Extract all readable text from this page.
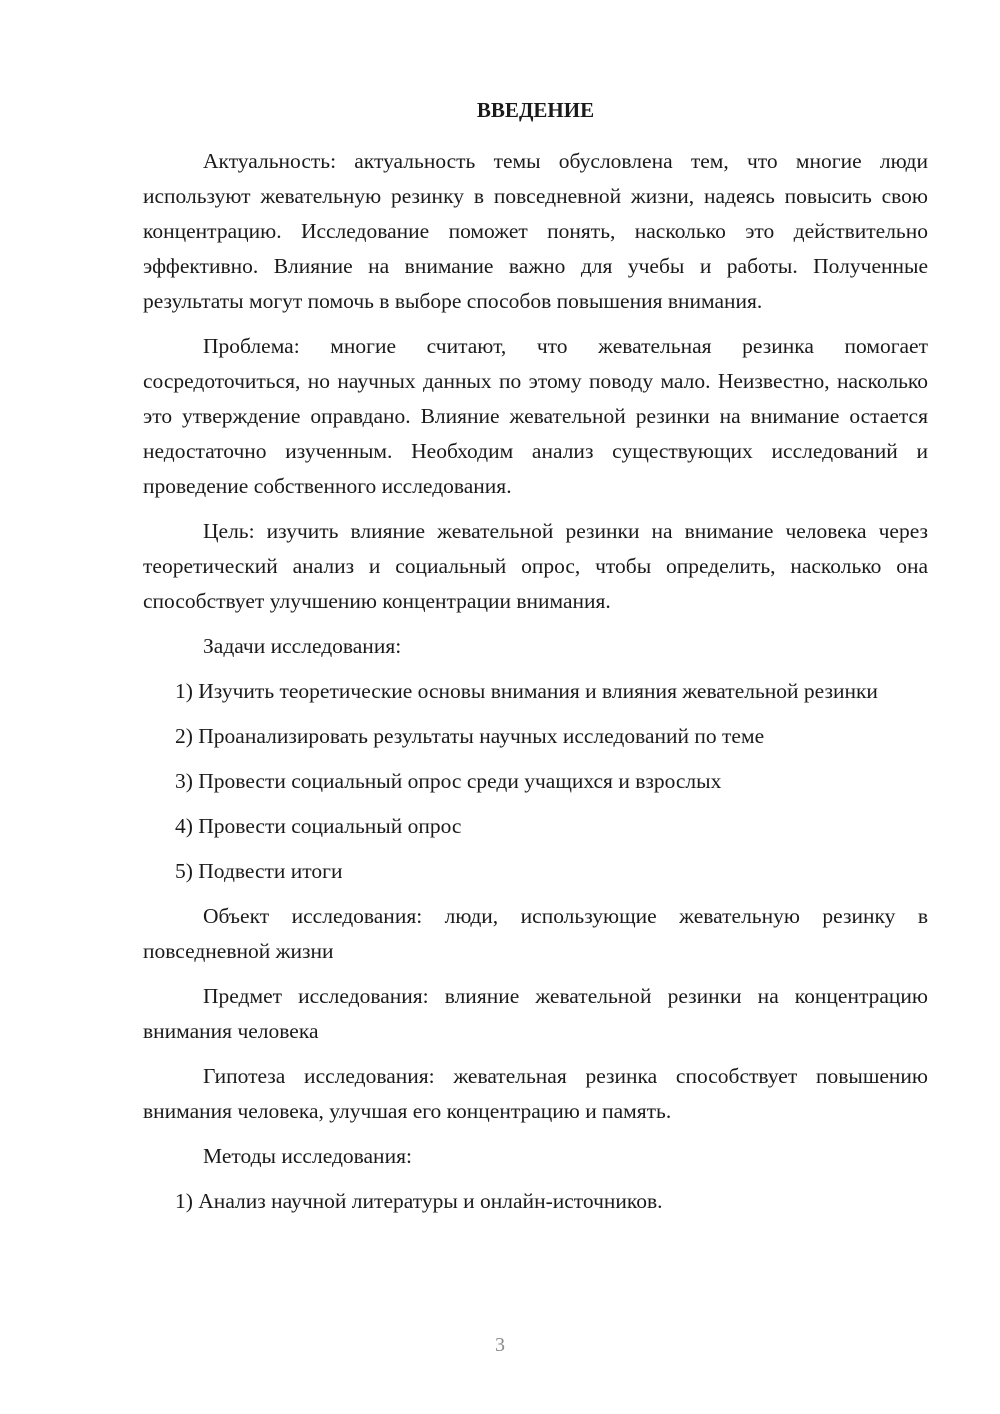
ВВЕДЕНИЕ

Актуальность: актуальность темы обусловлена тем, что многие люди используют жевательную резинку в повседневной жизни, надеясь повысить свою концентрацию. Исследование поможет понять, насколько это действительно эффективно. Влияние на внимание важно для учебы и работы. Полученные результаты могут помочь в выборе способов повышения внимания.

Проблема: многие считают, что жевательная резинка помогает сосредоточиться, но научных данных по этому поводу мало. Неизвестно, насколько это утверждение оправдано. Влияние жевательной резинки на внимание остается недостаточно изученным. Необходим анализ существующих исследований и проведение собственного исследования.

Цель: изучить влияние жевательной резинки на внимание человека через теоретический анализ и социальный опрос, чтобы определить, насколько она способствует улучшению концентрации внимания.

Задачи исследования:

1) Изучить теоретические основы внимания и влияния жевательной резинки

2) Проанализировать результаты научных исследований по теме

3) Провести социальный опрос среди учащихся и взрослых

4) Провести социальный опрос

5) Подвести итоги

Объект исследования: люди, использующие жевательную резинку в повседневной жизни

Предмет исследования: влияние жевательной резинки на концентрацию внимания человека

Гипотеза исследования: жевательная резинка способствует повышению внимания человека, улучшая его концентрацию и память.

Методы исследования:

1) Анализ научной литературы и онлайн-источников.

3
